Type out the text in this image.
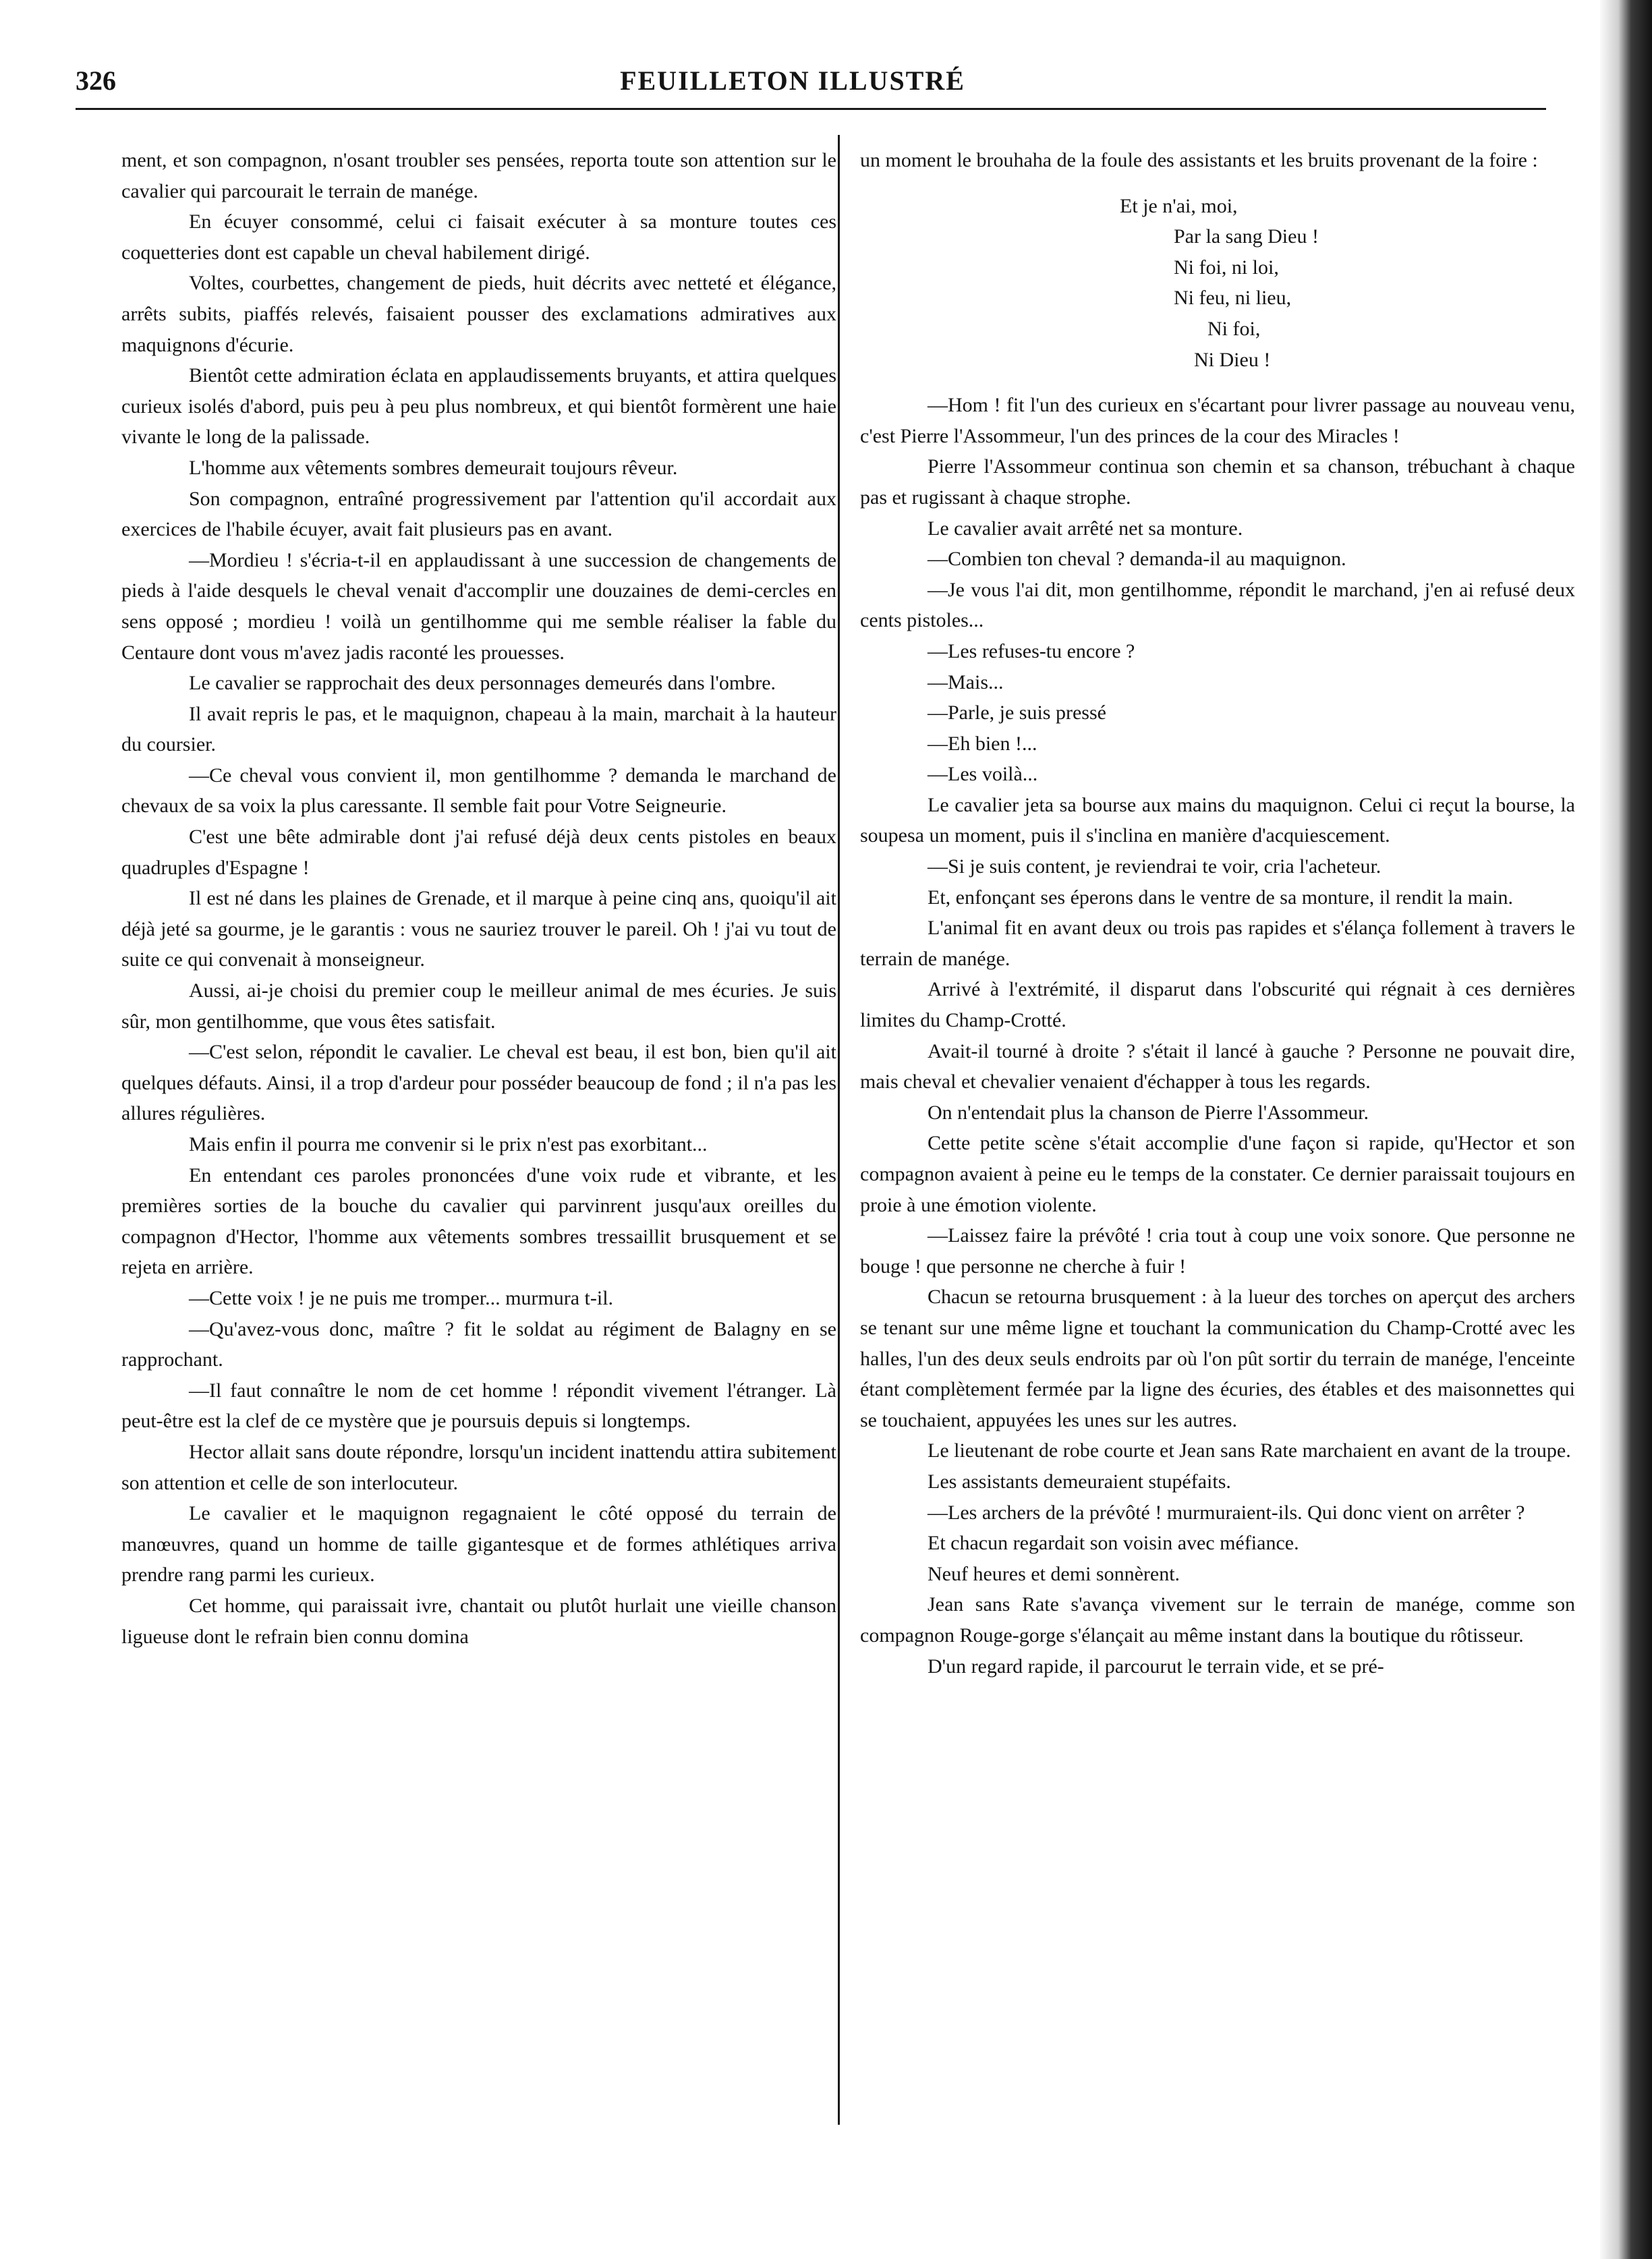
326	FEUILLETON ILLUSTRÉ

ment, et son compagnon, n'osant troubler ses pensées, reporta toute son attention sur le cavalier qui parcourait le terrain de manége.

En écuyer consommé, celui ci faisait exécuter à sa monture toutes ces coquetteries dont est capable un cheval habilement dirigé.

Voltes, courbettes, changement de pieds, huit décrits avec netteté et élégance, arrêts subits, piaffés relevés, faisaient pousser des exclamations admiratives aux maquignons d'écurie.

Bientôt cette admiration éclata en applaudissements bruyants, et attira quelques curieux isolés d'abord, puis peu à peu plus nombreux, et qui bientôt formèrent une haie vivante le long de la palissade.

L'homme aux vêtements sombres demeurait toujours rêveur.

Son compagnon, entraîné progressivement par l'attention qu'il accordait aux exercices de l'habile écuyer, avait fait plusieurs pas en avant.

—Mordieu ! s'écria-t-il en applaudissant à une succession de changements de pieds à l'aide desquels le cheval venait d'accomplir une douzaines de demi-cercles en sens opposé ; mordieu ! voilà un gentilhomme qui me semble réaliser la fable du Centaure dont vous m'avez jadis raconté les prouesses.

Le cavalier se rapprochait des deux personnages demeurés dans l'ombre.

Il avait repris le pas, et le maquignon, chapeau à la main, marchait à la hauteur du coursier.

—Ce cheval vous convient il, mon gentilhomme ? demanda le marchand de chevaux de sa voix la plus caressante. Il semble fait pour Votre Seigneurie.

C'est une bête admirable dont j'ai refusé déjà deux cents pistoles en beaux quadruples d'Espagne !

Il est né dans les plaines de Grenade, et il marque à peine cinq ans, quoiqu'il ait déjà jeté sa gourme, je le garantis : vous ne sauriez trouver le pareil. Oh ! j'ai vu tout de suite ce qui convenait à monseigneur.

Aussi, ai-je choisi du premier coup le meilleur animal de mes écuries. Je suis sûr, mon gentilhomme, que vous êtes satisfait.

—C'est selon, répondit le cavalier. Le cheval est beau, il est bon, bien qu'il ait quelques défauts. Ainsi, il a trop d'ardeur pour posséder beaucoup de fond ; il n'a pas les allures régulières.

Mais enfin il pourra me convenir si le prix n'est pas exorbitant...

En entendant ces paroles prononcées d'une voix rude et vibrante, et les premières sorties de la bouche du cavalier qui parvinrent jusqu'aux oreilles du compagnon d'Hector, l'homme aux vêtements sombres tressaillit brusquement et se rejeta en arrière.

—Cette voix ! je ne puis me tromper... murmura t-il.

—Qu'avez-vous donc, maître ? fit le soldat au régiment de Balagny en se rapprochant.

—Il faut connaître le nom de cet homme ! répondit vivement l'étranger. Là peut-être est la clef de ce mystère que je poursuis depuis si longtemps.

Hector allait sans doute répondre, lorsqu'un incident inattendu attira subitement son attention et celle de son interlocuteur.

Le cavalier et le maquignon regagnaient le côté opposé du terrain de manœuvres, quand un homme de taille gigantesque et de formes athlétiques arriva prendre rang parmi les curieux.

Cet homme, qui paraissait ivre, chantait ou plutôt hurlait une vieille chanson ligueuse dont le refrain bien connu domina

un moment le brouhaha de la foule des assistants et les bruits provenant de la foire :

Et je n'ai, moi,
Par la sang Dieu !
Ni foi, ni loi,
Ni feu, ni lieu,
Ni foi,
Ni Dieu !

—Hom ! fit l'un des curieux en s'écartant pour livrer passage au nouveau venu, c'est Pierre l'Assommeur, l'un des princes de la cour des Miracles !

Pierre l'Assommeur continua son chemin et sa chanson, trébuchant à chaque pas et rugissant à chaque strophe.

Le cavalier avait arrêté net sa monture.

—Combien ton cheval ? demanda-il au maquignon.

—Je vous l'ai dit, mon gentilhomme, répondit le marchand, j'en ai refusé deux cents pistoles...

—Les refuses-tu encore ?

—Mais...

—Parle, je suis pressé

—Eh bien !...

—Les voilà...

Le cavalier jeta sa bourse aux mains du maquignon. Celui ci reçut la bourse, la soupesa un moment, puis il s'inclina en manière d'acquiescement.

—Si je suis content, je reviendrai te voir, cria l'acheteur.

Et, enfonçant ses éperons dans le ventre de sa monture, il rendit la main.

L'animal fit en avant deux ou trois pas rapides et s'élança follement à travers le terrain de manége.

Arrivé à l'extrémité, il disparut dans l'obscurité qui régnait à ces dernières limites du Champ-Crotté.

Avait-il tourné à droite ? s'était il lancé à gauche ? Personne ne pouvait dire, mais cheval et chevalier venaient d'échapper à tous les regards.

On n'entendait plus la chanson de Pierre l'Assommeur.

Cette petite scène s'était accomplie d'une façon si rapide, qu'Hector et son compagnon avaient à peine eu le temps de la constater. Ce dernier paraissait toujours en proie à une émotion violente.

—Laissez faire la prévôté ! cria tout à coup une voix sonore. Que personne ne bouge ! que personne ne cherche à fuir !

Chacun se retourna brusquement : à la lueur des torches on aperçut des archers se tenant sur une même ligne et touchant la communication du Champ-Crotté avec les halles, l'un des deux seuls endroits par où l'on pût sortir du terrain de manége, l'enceinte étant complètement fermée par la ligne des écuries, des étables et des maisonnettes qui se touchaient, appuyées les unes sur les autres.

Le lieutenant de robe courte et Jean sans Rate marchaient en avant de la troupe.

Les assistants demeuraient stupéfaits.

—Les archers de la prévôté ! murmuraient-ils. Qui donc vient on arrêter ?

Et chacun regardait son voisin avec méfiance.

Neuf heures et demi sonnèrent.

Jean sans Rate s'avança vivement sur le terrain de manége, comme son compagnon Rouge-gorge s'élançait au même instant dans la boutique du rôtisseur.

D'un regard rapide, il parcourut le terrain vide, et se pré-
